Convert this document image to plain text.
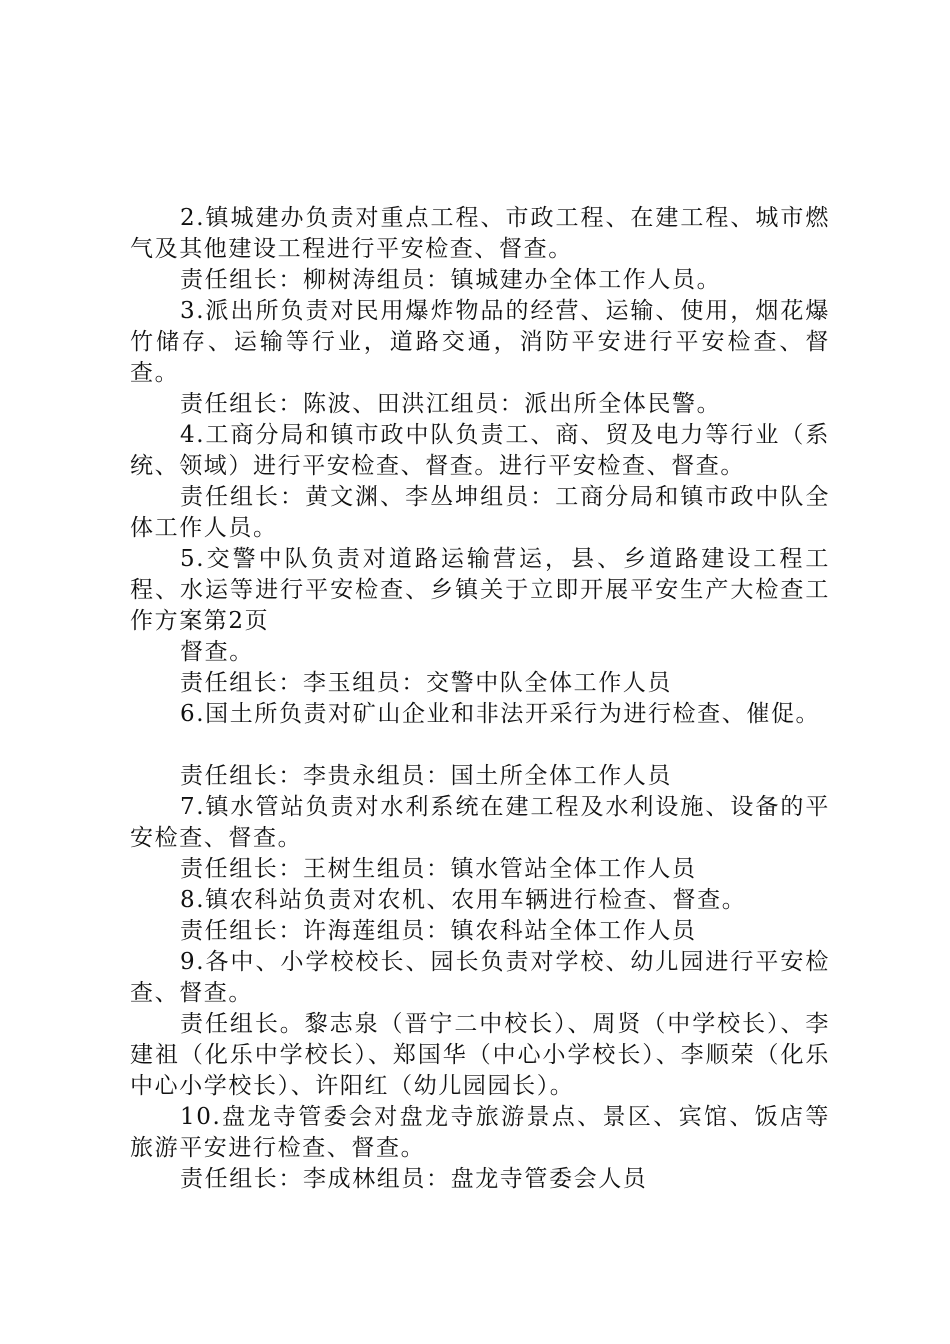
2.镇城建办负责对重点工程、市政工程、在建工程、城市燃气及其他建设工程进行平安检查、督查。

责任组长：柳树涛组员：镇城建办全体工作人员。

3.派出所负责对民用爆炸物品的经营、运输、使用，烟花爆竹储存、运输等行业，道路交通，消防平安进行平安检查、督查。

责任组长：陈波、田洪江组员：派出所全体民警。

4.工商分局和镇市政中队负责工、商、贸及电力等行业（系统、领域）进行平安检查、督查。进行平安检查、督查。

责任组长：黄文渊、李丛坤组员：工商分局和镇市政中队全体工作人员。

5.交警中队负责对道路运输营运，县、乡道路建设工程工程、水运等进行平安检查、乡镇关于立即开展平安生产大检查工作方案第2页

督查。

责任组长：李玉组员：交警中队全体工作人员

6.国土所负责对矿山企业和非法开采行为进行检查、催促。

责任组长：李贵永组员：国土所全体工作人员

7.镇水管站负责对水利系统在建工程及水利设施、设备的平安检查、督查。

责任组长：王树生组员：镇水管站全体工作人员

8.镇农科站负责对农机、农用车辆进行检查、督查。

责任组长：许海莲组员：镇农科站全体工作人员

9.各中、小学校校长、园长负责对学校、幼儿园进行平安检查、督查。

责任组长。黎志泉（晋宁二中校长）、周贤（中学校长）、李建祖（化乐中学校长）、郑国华（中心小学校长）、李顺荣（化乐中心小学校长）、许阳红（幼儿园园长）。

10.盘龙寺管委会对盘龙寺旅游景点、景区、宾馆、饭店等旅游平安进行检查、督查。

责任组长：李成林组员：盘龙寺管委会人员
